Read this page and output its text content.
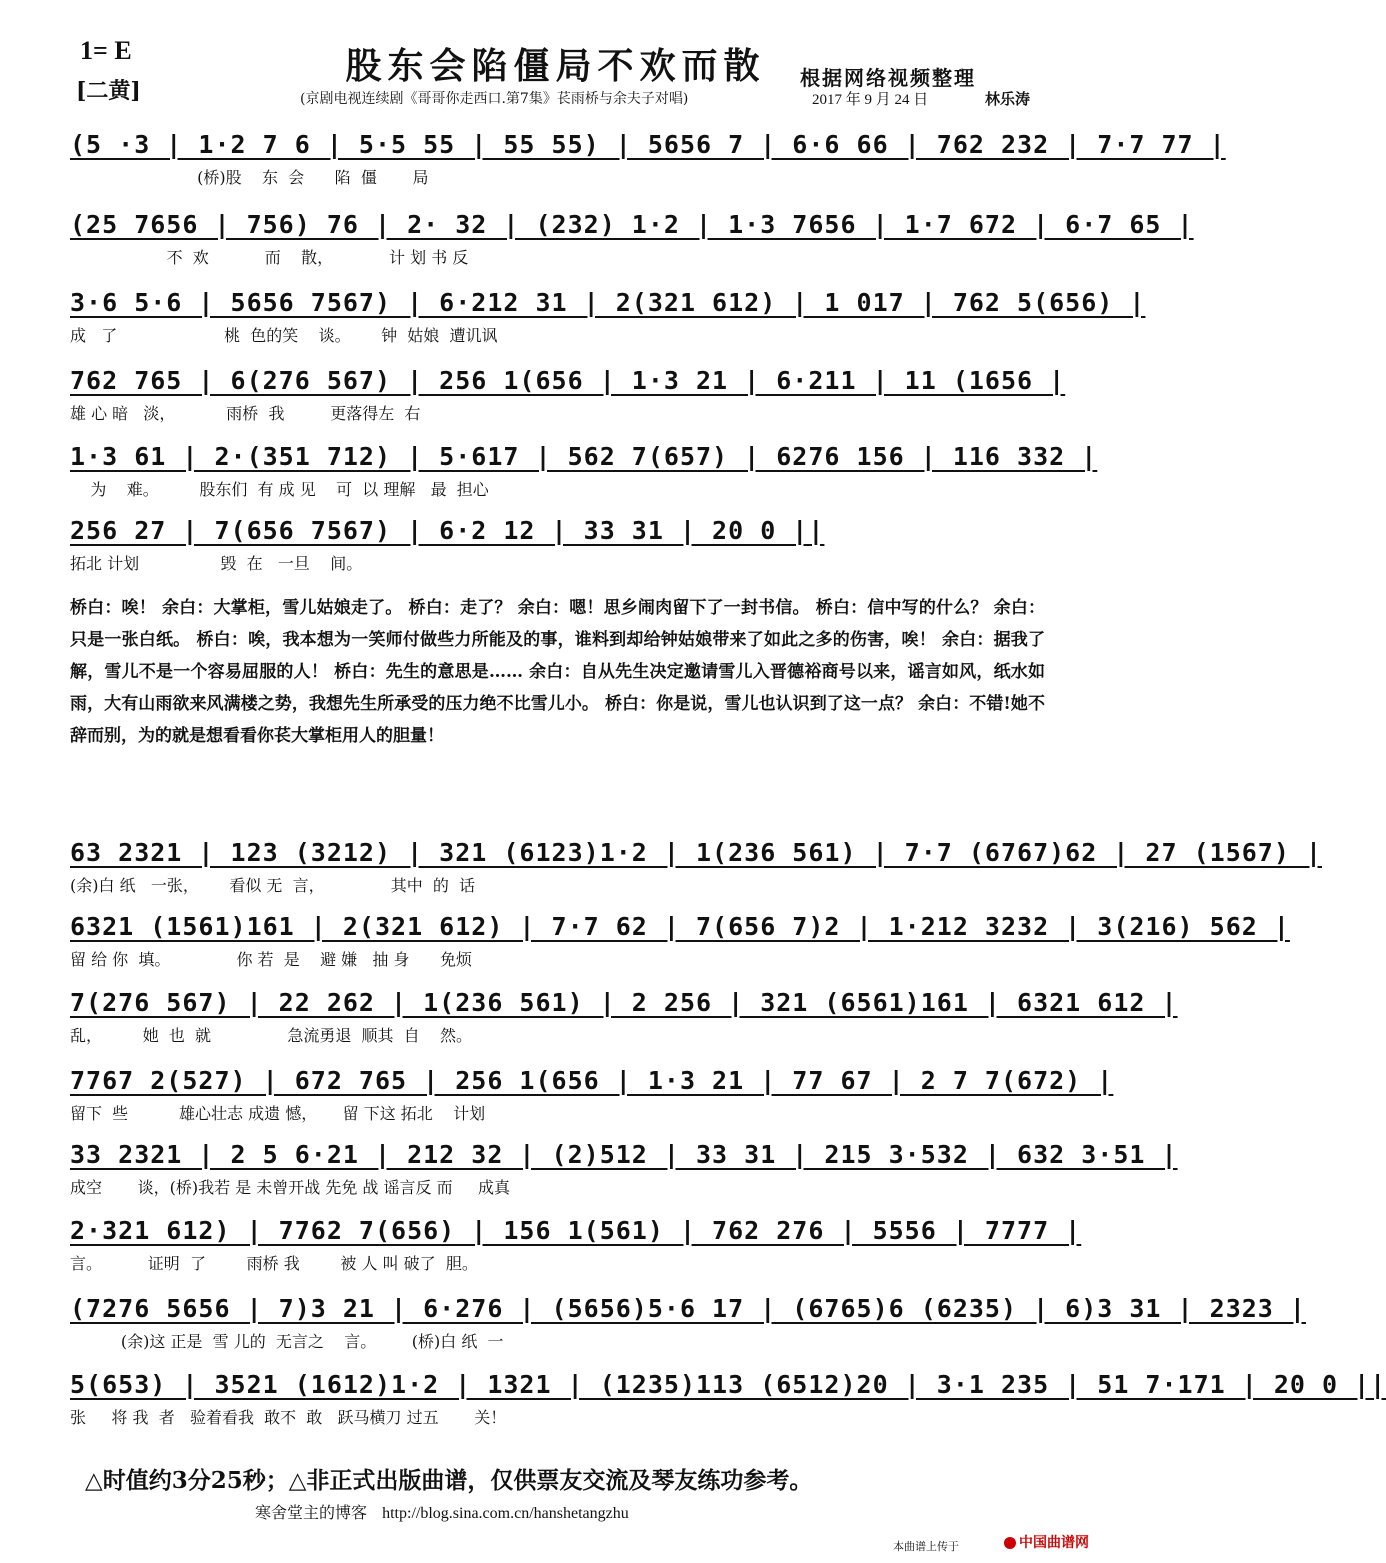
1= E
[二黄]
股东会陷僵局不欢而散	根据网络视频整理
(京剧电视连续剧《哥哥你走西口.第7集》苌雨桥与余夫子对唱)	2017 年 9 月 24 日	林乐涛
(5 ·3 | 1·2 7 6 | 5·5 55 | 55 55) | 5656 7 | 6·6 66 | 762 232 | 7·7 77 |
(桥)股    东  会      陷  僵       局
(25 7656 | 756) 76 | 2· 32 | (232) 1·2 | 1·3 7656 | 1·7 672 | 6·7 65 |
不  欢           而    散，           计 划 书 反
3·6 5·6 | 5656 7567) | 6·212 31 | 2(321 612) | 1 017 | 762 5(656) |
成   了                     桃  色的笑    谈。      钟  姑娘  遭讥讽
762 765 | 6(276 567) | 256 1(656 | 1·3 21 | 6·211 | 11 (1656 |
雄 心 暗   淡，          雨桥  我         更落得左  右
1·3 61 | 2·(351 712) | 5·617 | 562 7(657) | 6276 156 | 116 332 |
为    难。        股东们  有 成 见    可  以 理解   最  担心
256 27 | 7(656 7567) | 6·2 12 | 33 31 | 20 0 ||
拓北 计划                毁  在   一旦    间。
桥白：唉！ 余白：大掌柜，雪儿姑娘走了。 桥白：走了？ 余白：嗯！思乡闹肉留下了一封书信。 桥白：信中写的什么？ 余白：只是一张白纸。 桥白：唉，我本想为一笑师付做些力所能及的事，谁料到却给钟姑娘带来了如此之多的伤害，唉！ 余白：据我了解，雪儿不是一个容易屈服的人！ 桥白：先生的意思是…… 余白：自从先生决定邀请雪儿入晋德裕商号以来，谣言如风，纸水如雨，大有山雨欲来风满楼之势，我想先生所承受的压力绝不比雪儿小。 桥白：你是说，雪儿也认识到了这一点？ 余白：不错!她不辞而别，为的就是想看看你苌大掌柜用人的胆量！
63 2321 | 123 (3212) | 321 (6123)1·2 | 1(236 561) | 7·7 (6767)62 | 27 (1567) |
(余)白 纸   一张，      看似 无  言，             其中  的  话
6321 (1561)161 | 2(321 612) | 7·7 62 | 7(656 7)2 | 1·212 3232 | 3(216) 562 |
留 给 你  填。             你 若  是    避 嫌   抽 身      免烦
7(276 567) | 22 262 | 1(236 561) | 2 256 | 321 (6561)161 | 6321 612 |
乱，        她  也  就               急流勇退  顺其  自    然。
7767 2(527) | 672 765 | 256 1(656 | 1·3 21 | 77 67 | 2 7 7(672) |
留下  些          雄心壮志 成遗 憾，     留 下这 拓北    计划
33 2321 | 2 5 6·21 | 212 32 | (2)512 | 33 31 | 215 3·532 | 632 3·51 |
成空       谈，(桥)我若 是 未曾开战 先免 战 谣言反 而     成真
2·321 612) | 7762 7(656) | 156 1(561) | 762 276 | 5556 | 7777 |
言。         证明  了        雨桥 我        被 人 叫 破了  胆。
(7276 5656 | 7)3 21 | 6·276 | (5656)5·6 17 | (6765)6 (6235) | 6)3 31 | 2323 |
(余)这 正是  雪 儿的  无言之    言。       (桥)白 纸  一
5(653) | 3521 (1612)1·2 | 1321 | (1235)113 (6512)20 | 3·1 235 | 51 7·171 | 20 0 ||
张     将 我  者   验着看我  敢不  敢   跃马横刀 过五       关！
△时值约3分25秒；△非正式出版曲谱，仅供票友交流及琴友练功参考。
寒舍堂主的博客 http://blog.sina.com.cn/hanshetangzhu
本曲谱上传于	中国曲谱网
